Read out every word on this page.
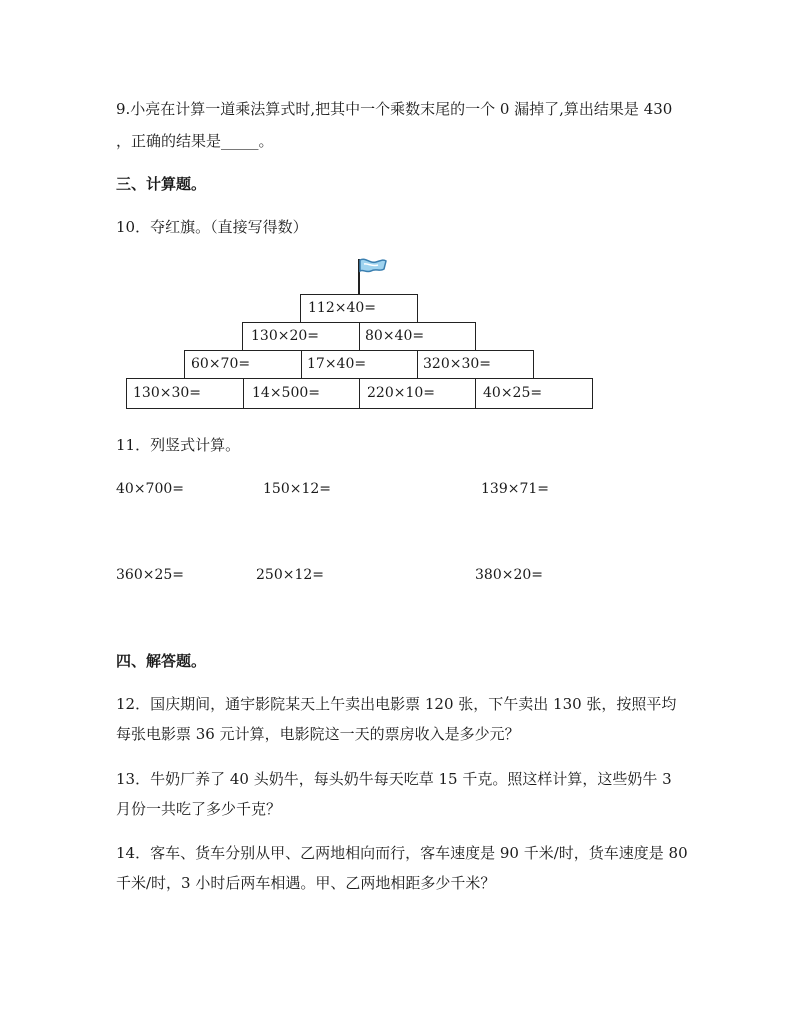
9.小亮在计算一道乘法算式时,把其中一个乘数末尾的一个 0 漏掉了,算出结果是 430
，正确的结果是_____。
三、计算题。
10．夺红旗。（直接写得数）
112×40=
130×20=	80×40=
60×70=	17×40=	320×30=
130×30=	14×500=	220×10=	40×25=
11．列竖式计算。
40×700=	150×12=	139×71=
360×25=	250×12=	380×20=
四、解答题。
12．国庆期间，通宇影院某天上午卖出电影票 120 张，下午卖出 130 张，按照平均
每张电影票 36 元计算，电影院这一天的票房收入是多少元？
13．牛奶厂养了 40 头奶牛，每头奶牛每天吃草 15 千克。照这样计算，这些奶牛 3
月份一共吃了多少千克？
14．客车、货车分别从甲、乙两地相向而行，客车速度是 90 千米/时，货车速度是 80
千米/时，3 小时后两车相遇。甲、乙两地相距多少千米？
